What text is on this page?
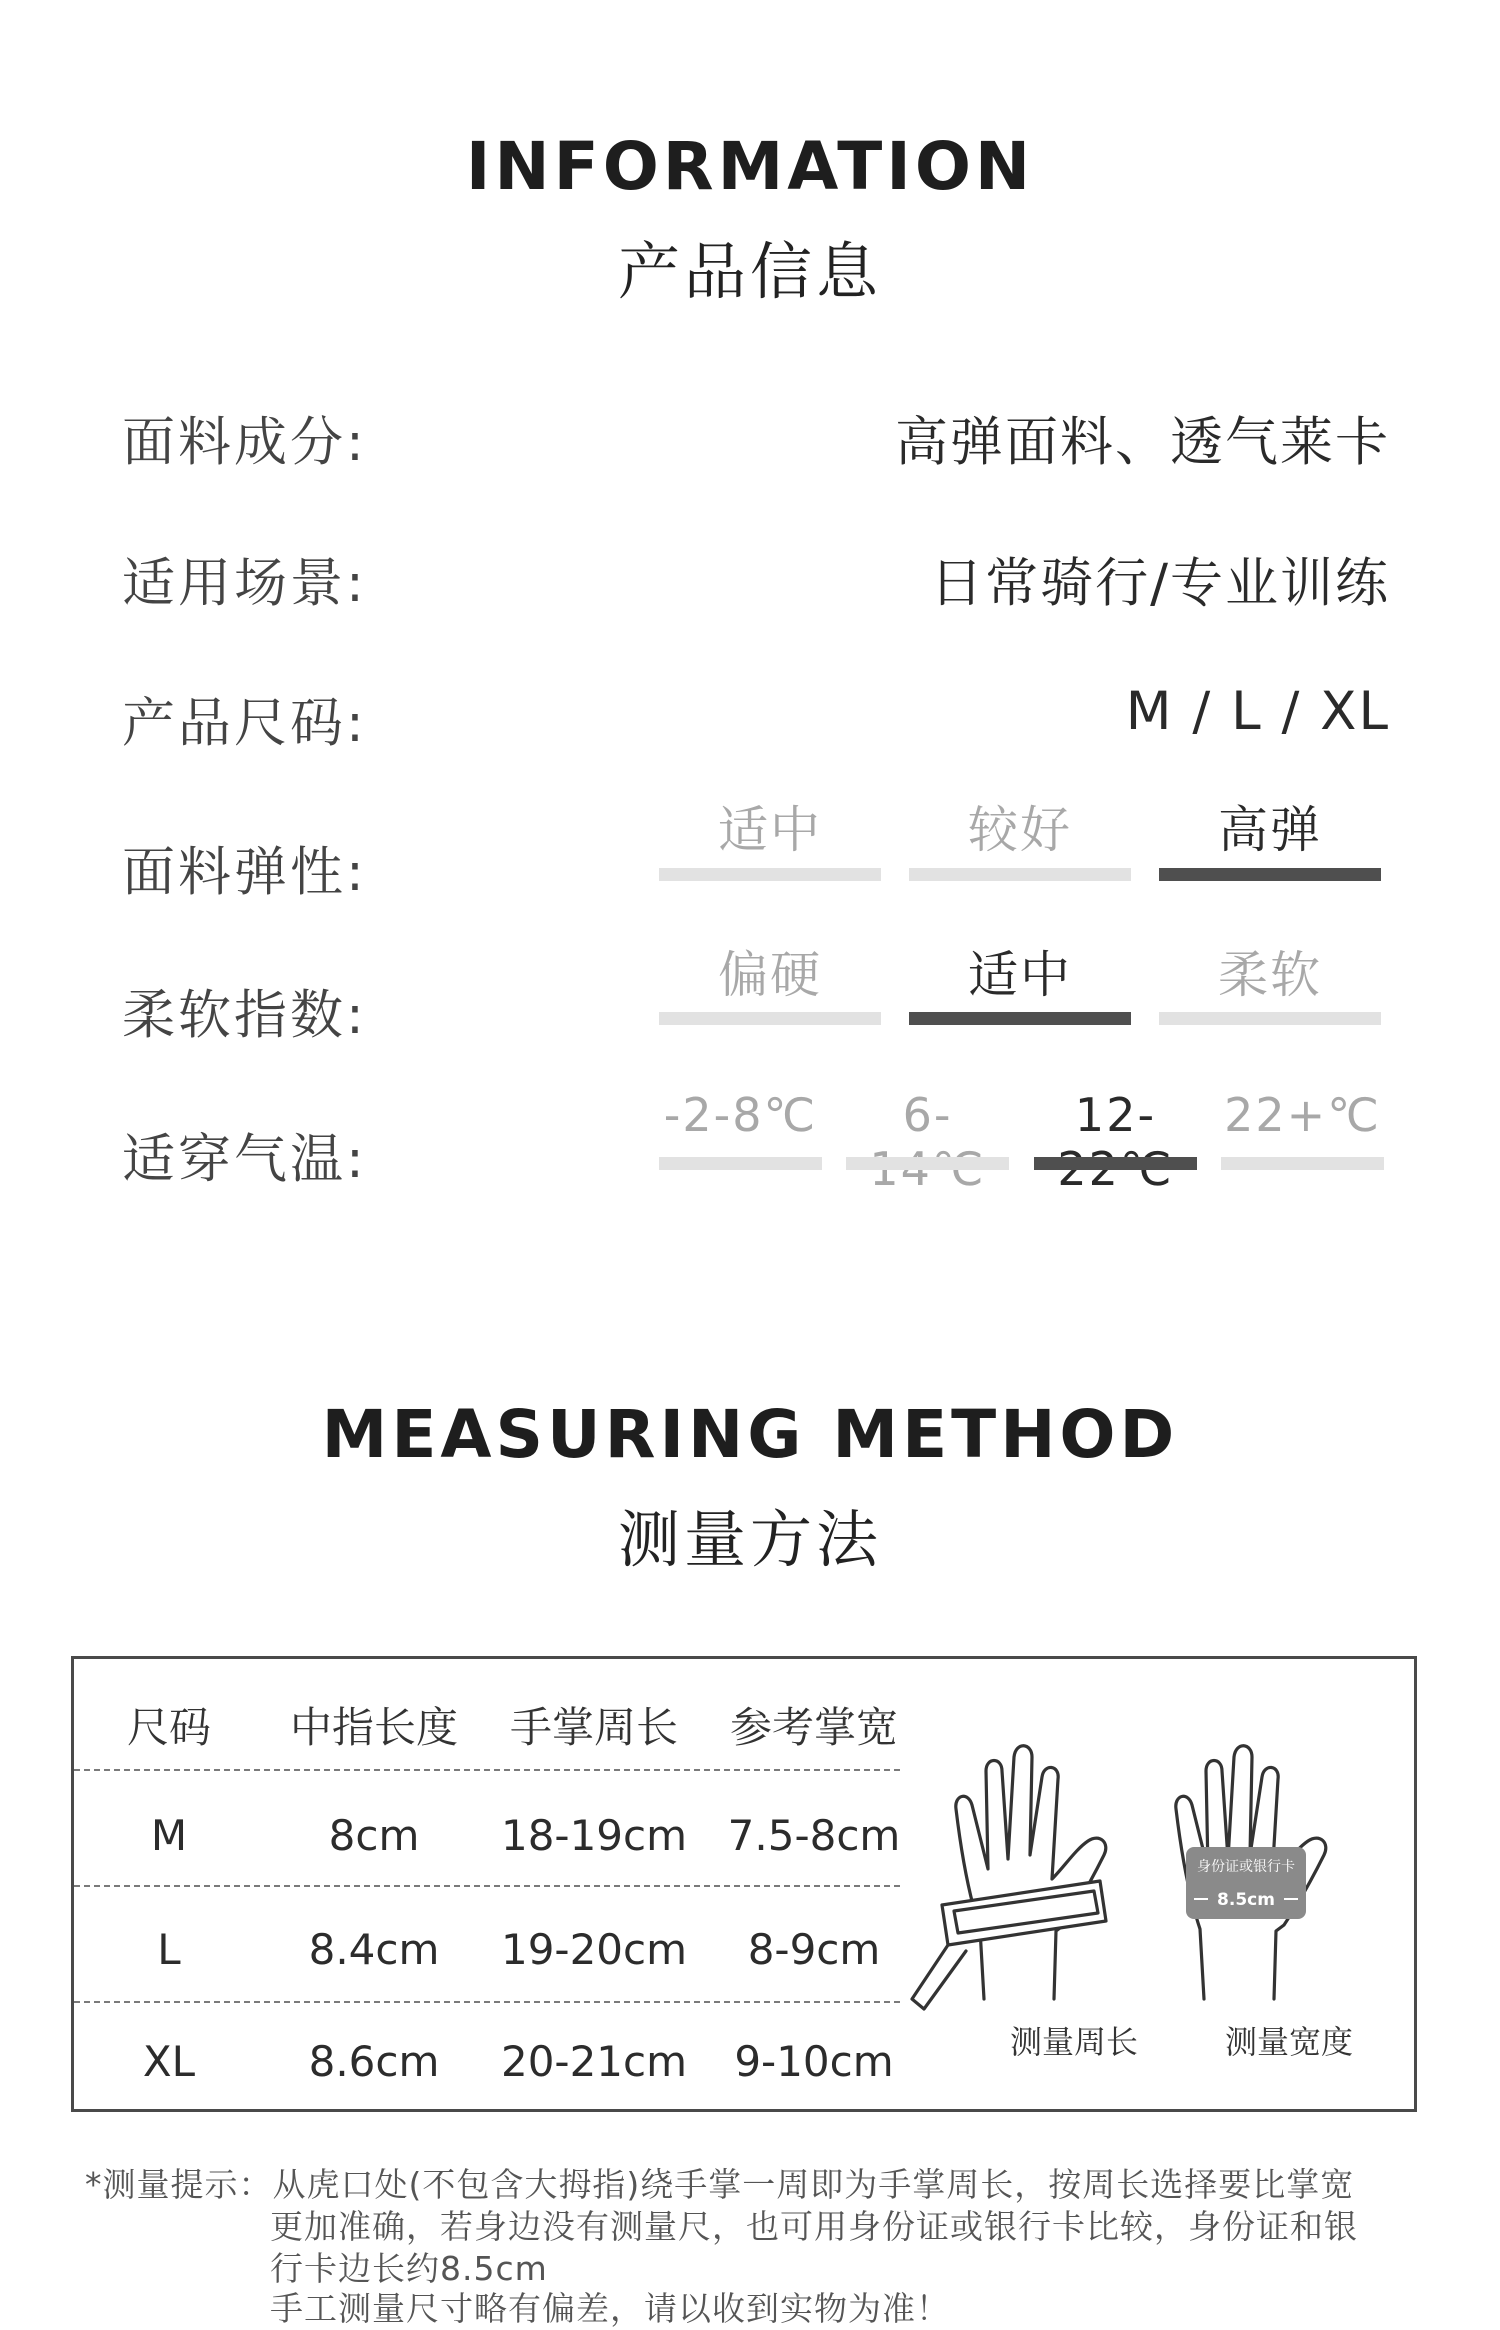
INFORMATION
产品信息
面料成分:	高弹面料、透气莱卡
适用场景:	日常骑行/专业训练
产品尺码:	M / L / XL
面料弹性:
适中	较好	高弹
柔软指数:
偏硬	适中	柔软
适穿气温:
-2-8℃	6-	12-	22+℃
MEASURING METHOD
测量方法
尺码	中指长度	手掌周长	参考掌宽
M	8cm	18-19cm 7.5-8cm
L	8.4cm	19-20cm	8-9cm
XL	8.6cm	20-21cm	9-10cm
身份证或银行卡
8.5cm
测量周长	测量宽度
*测量提示：从虎口处(不包含大拇指)绕手掌一周即为手掌周长，按周长选择要比掌宽
更加准确，若身边没有测量尺，也可用身份证或银行卡比较，身份证和银
行卡边长约8.5cm
手工测量尺寸略有偏差，请以收到实物为准！
